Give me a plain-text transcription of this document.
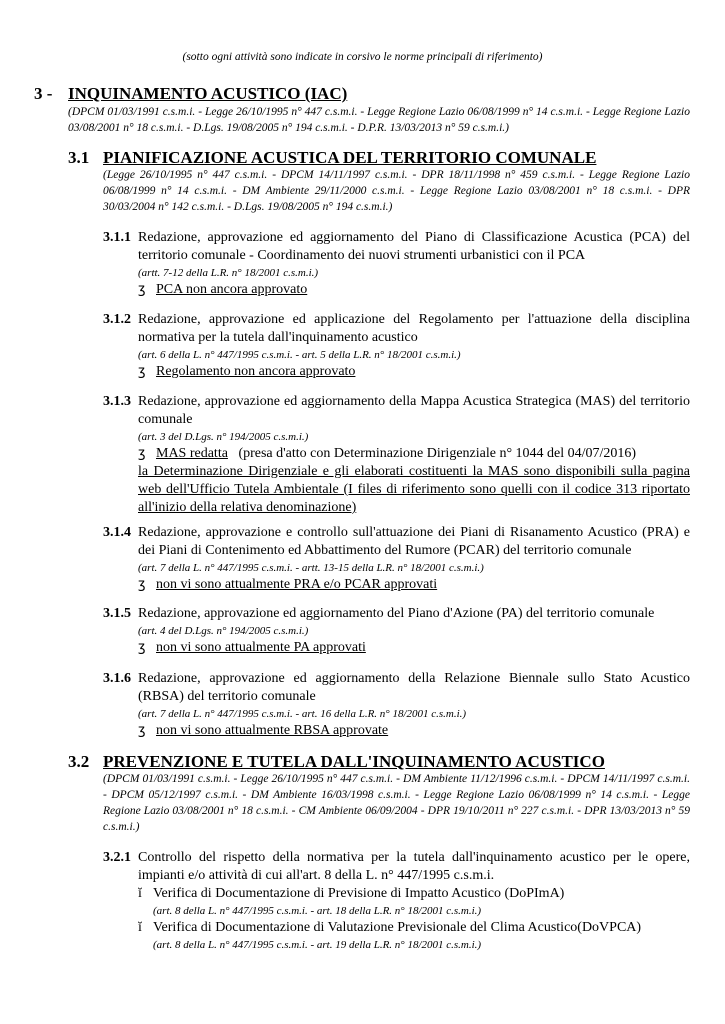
(sotto ogni attività sono indicate in corsivo le norme principali di riferimento)
3 - INQUINAMENTO ACUSTICO (IAC)
(DPCM 01/03/1991 c.s.m.i. - Legge 26/10/1995 n° 447 c.s.m.i. - Legge Regione Lazio 06/08/1999 n° 14 c.s.m.i. - Legge Regione Lazio 03/08/2001 n° 18 c.s.m.i. - D.Lgs. 19/08/2005 n° 194 c.s.m.i. - D.P.R. 13/03/2013 n° 59 c.s.m.i.)
3.1 PIANIFICAZIONE ACUSTICA DEL TERRITORIO COMUNALE
(Legge 26/10/1995 n° 447 c.s.m.i. - DPCM 14/11/1997 c.s.m.i. - DPR 18/11/1998 n° 459 c.s.m.i. - Legge Regione Lazio 06/08/1999 n° 14 c.s.m.i. - DM Ambiente 29/11/2000 c.s.m.i. - Legge Regione Lazio 03/08/2001 n° 18 c.s.m.i. - DPR 30/03/2004 n° 142 c.s.m.i. - D.Lgs. 19/08/2005 n° 194 c.s.m.i.)
3.1.1 Redazione, approvazione ed aggiornamento del Piano di Classificazione Acustica (PCA) del territorio comunale - Coordinamento dei nuovi strumenti urbanistici con il PCA
(artt. 7-12 della L.R. n° 18/2001 c.s.m.i.)
ʒ PCA non ancora approvato
3.1.2 Redazione, approvazione ed applicazione del Regolamento per l'attuazione della disciplina normativa per la tutela dall'inquinamento acustico
(art. 6 della L. n° 447/1995 c.s.m.i. - art. 5 della L.R. n° 18/2001 c.s.m.i.)
ʒ Regolamento non ancora approvato
3.1.3 Redazione, approvazione ed aggiornamento della Mappa Acustica Strategica (MAS) del territorio comunale
(art. 3 del D.Lgs. n° 194/2005 c.s.m.i.)
ʒ MAS redatta (presa d'atto con Determinazione Dirigenziale n° 1044 del 04/07/2016)
la Determinazione Dirigenziale e gli elaborati costituenti la MAS sono disponibili sulla pagina web dell'Ufficio Tutela Ambientale (I files di riferimento sono quelli con il codice 313 riportato all'inizio della relativa denominazione)
3.1.4 Redazione, approvazione e controllo sull'attuazione dei Piani di Risanamento Acustico (PRA) e dei Piani di Contenimento ed Abbattimento del Rumore (PCAR) del territorio comunale
(art. 7 della L. n° 447/1995 c.s.m.i. - artt. 13-15 della L.R. n° 18/2001 c.s.m.i.)
ʒ non vi sono attualmente PRA e/o PCAR approvati
3.1.5 Redazione, approvazione ed aggiornamento del Piano d'Azione (PA) del territorio comunale
(art. 4 del D.Lgs. n° 194/2005 c.s.m.i.)
ʒ non vi sono attualmente PA approvati
3.1.6 Redazione, approvazione ed aggiornamento della Relazione Biennale sullo Stato Acustico (RBSA) del territorio comunale
(art. 7 della L. n° 447/1995 c.s.m.i. - art. 16 della L.R. n° 18/2001 c.s.m.i.)
ʒ non vi sono attualmente RBSA approvate
3.2 PREVENZIONE E TUTELA DALL'INQUINAMENTO ACUSTICO
(DPCM 01/03/1991 c.s.m.i. - Legge 26/10/1995 n° 447 c.s.m.i. - DM Ambiente 11/12/1996 c.s.m.i. - DPCM 14/11/1997 c.s.m.i. - DPCM 05/12/1997 c.s.m.i. - DM Ambiente 16/03/1998 c.s.m.i. - Legge Regione Lazio 06/08/1999 n° 14 c.s.m.i. - Legge Regione Lazio 03/08/2001 n° 18 c.s.m.i. - CM Ambiente 06/09/2004 - DPR 19/10/2011 n° 227 c.s.m.i. - DPR 13/03/2013 n° 59 c.s.m.i.)
3.2.1 Controllo del rispetto della normativa per la tutela dall'inquinamento acustico per le opere, impianti e/o attività di cui all'art. 8 della L. n° 447/1995 c.s.m.i.
ĭ Verifica di Documentazione di Previsione di Impatto Acustico (DoPImA)
(art. 8 della L. n° 447/1995 c.s.m.i. - art. 18 della L.R. n° 18/2001 c.s.m.i.)
ĭ Verifica di Documentazione di Valutazione Previsionale del Clima Acustico(DoVPCA)
(art. 8 della L. n° 447/1995 c.s.m.i. - art. 19 della L.R. n° 18/2001 c.s.m.i.)
